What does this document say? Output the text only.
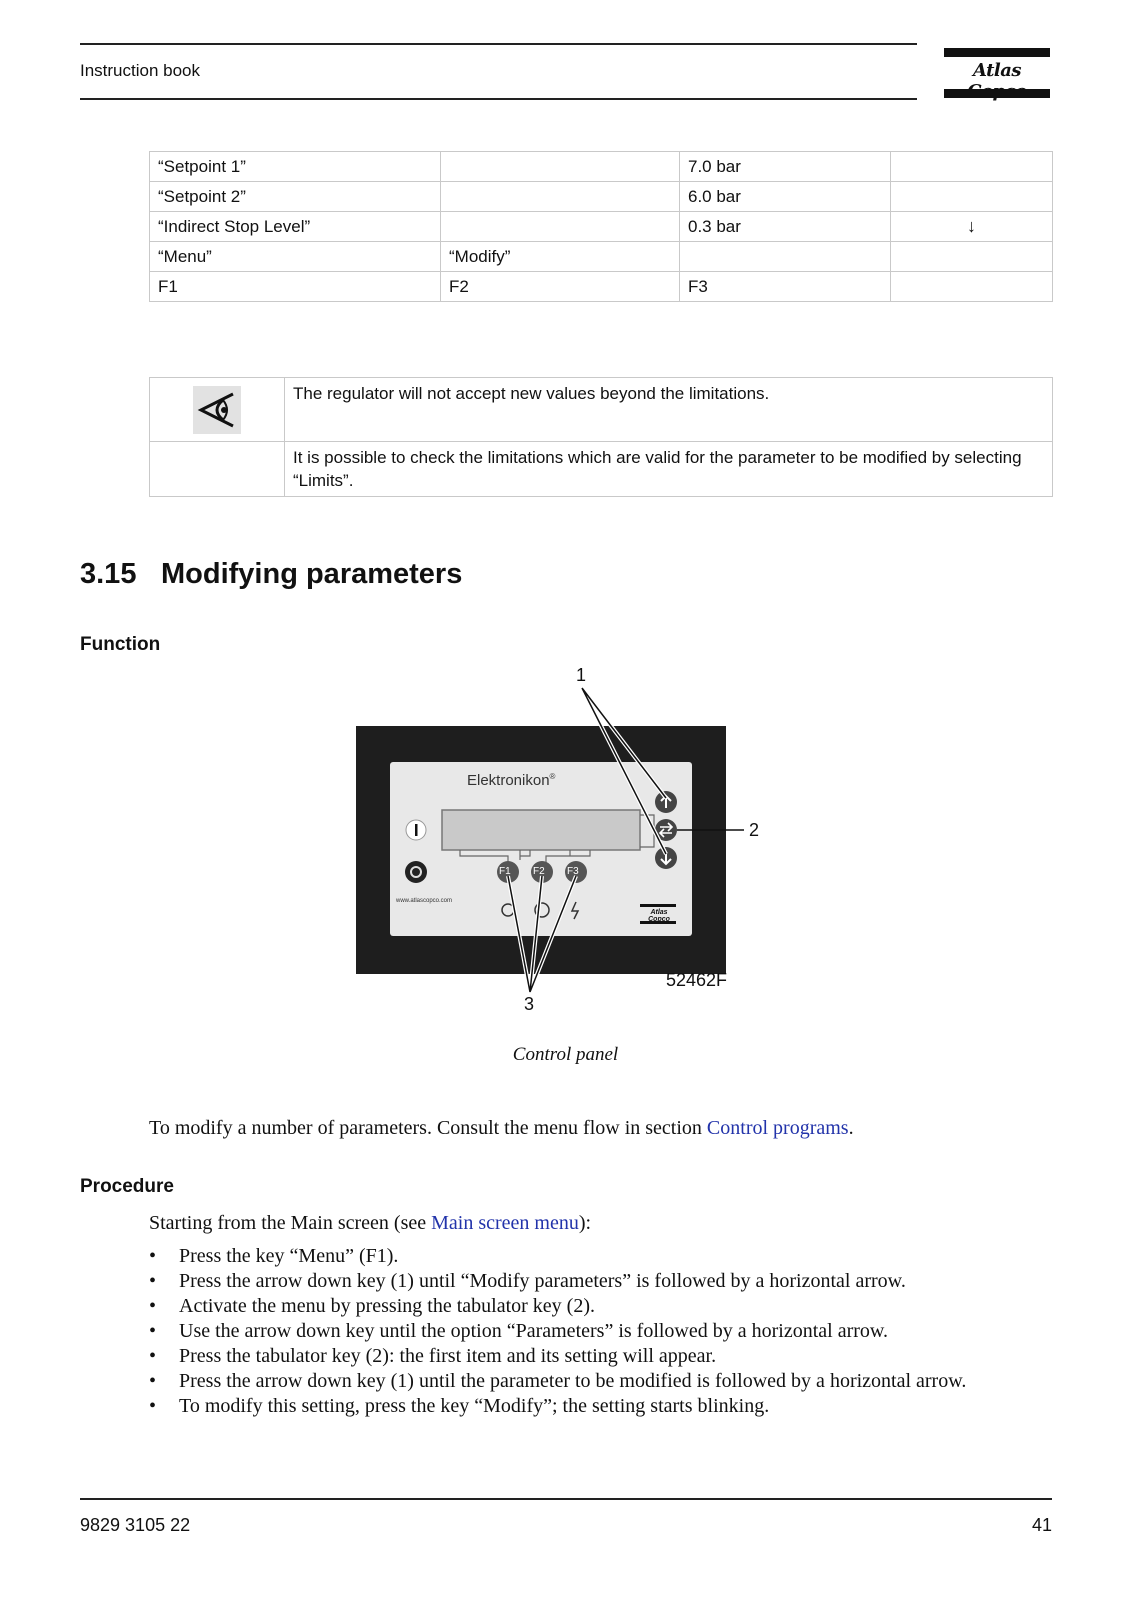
Instruction book	Atlas
“Setpoint 1”		7.0 bar	
“Setpoint 2”		6.0 bar	
“Indirect Stop Level”		0.3 bar	↓
“Menu”	“Modify”		
F1	F2	F3	
	The regulator will not accept new values beyond the limitations.
	It is possible to check the limitations which are valid for the parameter to be modified by selecting “Limits”.
3.15 Modifying parameters
Function
Elektronikon®
www.atlascopco.com
Atlas Copco
F1 F2 F3
1
2
3
52462F
Control panel
To modify a number of parameters. Consult the menu flow in section Control programs.
Procedure
Starting from the Main screen (see Main screen menu):
• Press the key “Menu” (F1).
• Press the arrow down key (1) until “Modify parameters” is followed by a horizontal arrow.
• Activate the menu by pressing the tabulator key (2).
• Use the arrow down key until the option “Parameters” is followed by a horizontal arrow.
• Press the tabulator key (2): the first item and its setting will appear.
• Press the arrow down key (1) until the parameter to be modified is followed by a horizontal arrow.
• To modify this setting, press the key “Modify”; the setting starts blinking.
9829 3105 22	41
